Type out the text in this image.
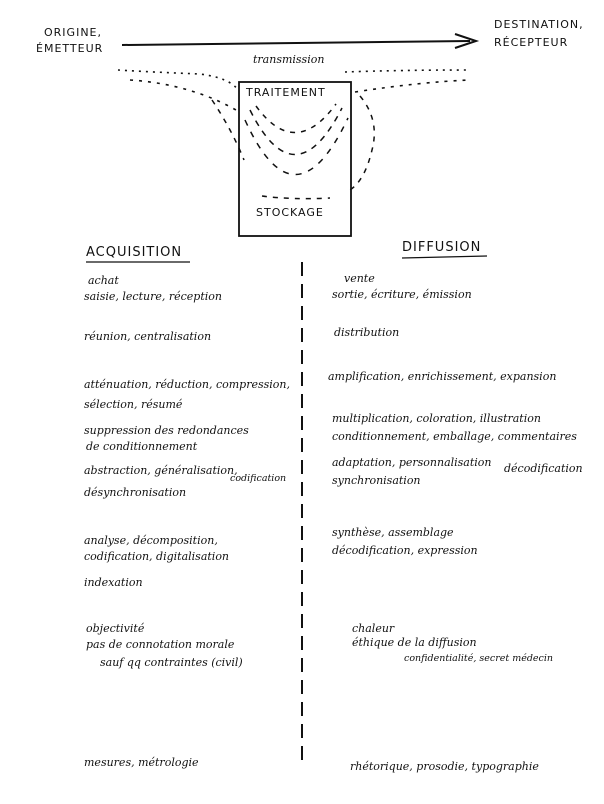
ORIGINE,
ÉMETTEUR
DESTINATION,
RÉCEPTEUR
transmission
TRAITEMENT
STOCKAGE
ACQUISITION	DIFFUSION
achat
saisie, lecture, réception
réunion, centralisation
atténuation, réduction, compression,
sélection, résumé
suppression des redondances
de conditionnement
abstraction, généralisation,
codification
désynchronisation
analyse, décomposition,
codification, digitalisation
indexation
objectivité
pas de connotation morale
sauf qq contraintes (civil)
mesures, métrologie
vente
sortie, écriture, émission
distribution
amplification, enrichissement, expansion
multiplication, coloration, illustration
conditionnement, emballage, commentaires
adaptation, personnalisation décodification
synchronisation
synthèse, assemblage
décodification, expression
chaleur
éthique de la diffusion
confidentialité, secret médecin
rhétorique, prosodie, typographie
